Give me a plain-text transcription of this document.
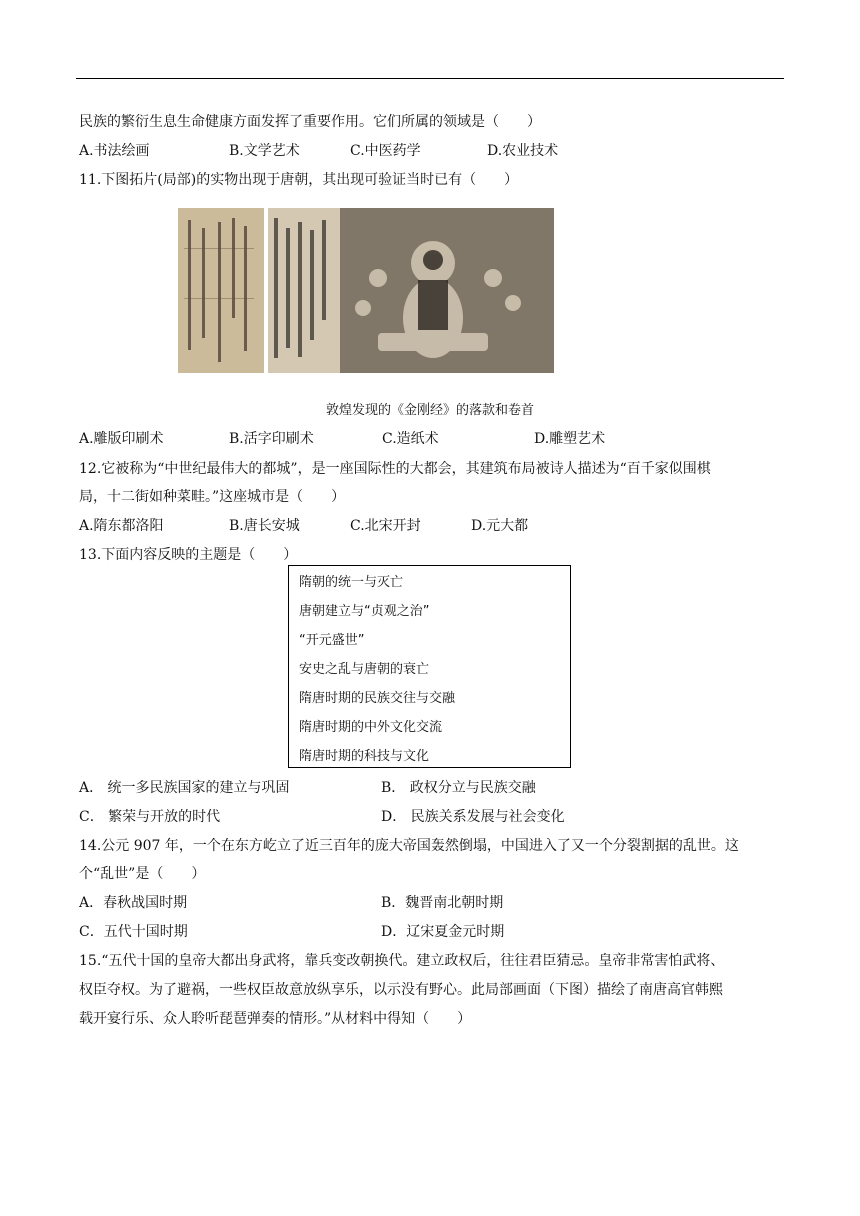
民族的繁衍生息生命健康方面发挥了重要作用。它们所属的领域是（　　）
A.书法绘画	B.文学艺术	C.中医药学	D.农业技术
11.下图拓片(局部)的实物出现于唐朝，其出现可验证当时已有（　　）
敦煌发现的《金刚经》的落款和卷首
A.雕版印刷术	B.活字印刷术	C.造纸术	D.雕塑艺术
12.它被称为“中世纪最伟大的都城”，是一座国际性的大都会，其建筑布局被诗人描述为“百千家似围棋
局，十二街如种菜畦。”这座城市是（　　）
A.隋东都洛阳	B.唐长安城	C.北宋开封	D.元大都
13.下面内容反映的主题是（　　）
隋朝的统一与灭亡
唐朝建立与“贞观之治”
“开元盛世”
安史之乱与唐朝的衰亡
隋唐时期的民族交往与交融
隋唐时期的中外文化交流
隋唐时期的科技与文化
A． 统一多民族国家的建立与巩固	B． 政权分立与民族交融
C． 繁荣与开放的时代	D． 民族关系发展与社会变化
14.公元 907 年，一个在东方屹立了近三百年的庞大帝国轰然倒塌，中国进入了又一个分裂割据的乱世。这
个“乱世”是（　　）
A．春秋战国时期	B．魏晋南北朝时期
C．五代十国时期	D．辽宋夏金元时期
15.“五代十国的皇帝大都出身武将，靠兵变改朝换代。建立政权后，往往君臣猜忌。皇帝非常害怕武将、
权臣夺权。为了避祸，一些权臣故意放纵享乐，以示没有野心。此局部画面（下图）描绘了南唐高官韩熙
载开宴行乐、众人聆听琵琶弹奏的情形。”从材料中得知（　　）
